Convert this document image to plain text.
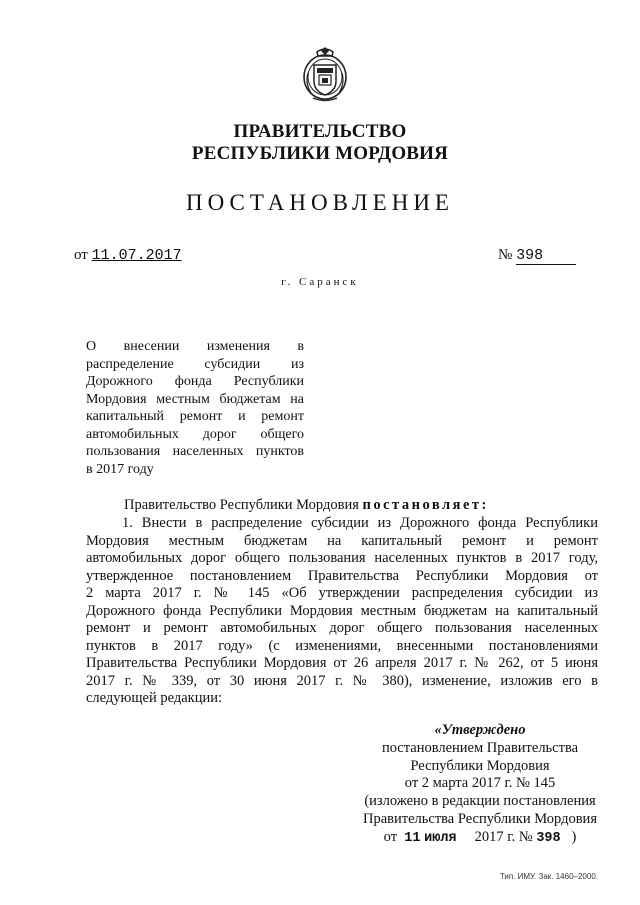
ПРАВИТЕЛЬСТВО
РЕСПУБЛИКИ МОРДОВИЯ
ПОСТАНОВЛЕНИЕ
от 11.07.2017	№ 398
г. Саранск
О внесении изменения в
распределение субсидии из
Дорожного фонда Республики
Мордовия местным бюджетам на
капитальный ремонт и ремонт
автомобильных дорог общего
пользования населенных пунктов
в 2017 году
Правительство Республики Мордовия постановляет:
1. Внести в распределение субсидии из Дорожного фонда Республики
Мордовия местным бюджетам на капитальный ремонт и ремонт
автомобильных дорог общего пользования населенных пунктов в 2017 году,
утвержденное постановлением Правительства Республики Мордовия от
2 марта 2017 г. № 145 «Об утверждении распределения субсидии из
Дорожного фонда Республики Мордовия местным бюджетам на капитальный
ремонт и ремонт автомобильных дорог общего пользования населенных
пунктов в 2017 году» (с изменениями, внесенными постановлениями
Правительства Республики Мордовия от 26 апреля 2017 г. № 262, от 5 июня
2017 г. № 339, от 30 июня 2017 г. № 380), изменение, изложив его в
следующей редакции:
«Утверждено
постановлением Правительства
Республики Мордовия
от 2 марта 2017 г. № 145
(изложено в редакции постановления
Правительства Республики Мордовия
от 11 июля 2017 г. № 398 )
Тип. ИМУ. Зак. 1460–2000.
